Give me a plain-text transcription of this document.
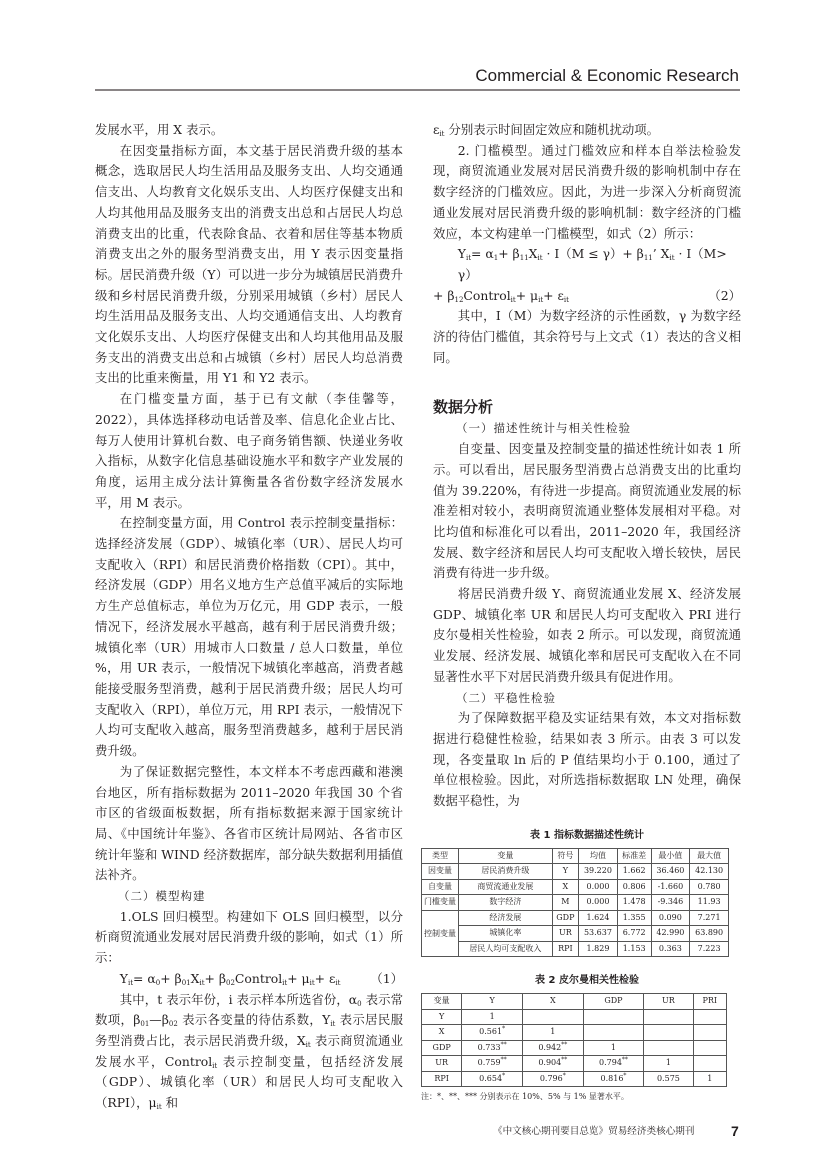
Commercial & Economic Research

发展水平，用 X 表示。

在因变量指标方面，本文基于居民消费升级的基本概念，选取居民人均生活用品及服务支出、人均交通通信支出、人均教育文化娱乐支出、人均医疗保健支出和人均其他用品及服务支出的消费支出总和占居民人均总消费支出的比重，代表除食品、衣着和居住等基本物质消费支出之外的服务型消费支出，用 Y 表示因变量指标。居民消费升级（Y）可以进一步分为城镇居民消费升级和乡村居民消费升级，分别采用城镇（乡村）居民人均生活用品及服务支出、人均交通通信支出、人均教育文化娱乐支出、人均医疗保健支出和人均其他用品及服务支出的消费支出总和占城镇（乡村）居民人均总消费支出的比重来衡量，用 Y1 和 Y2 表示。

在门槛变量方面，基于已有文献（李佳馨等，2022），具体选择移动电话普及率、信息化企业占比、每万人使用计算机台数、电子商务销售额、快递业务收入指标，从数字化信息基础设施水平和数字产业发展的角度，运用主成分法计算衡量各省份数字经济发展水平，用 M 表示。

在控制变量方面，用 Control 表示控制变量指标：选择经济发展（GDP）、城镇化率（UR）、居民人均可支配收入（RPI）和居民消费价格指数（CPI）。其中，经济发展（GDP）用名义地方生产总值平减后的实际地方生产总值标志，单位为万亿元，用 GDP 表示，一般情况下，经济发展水平越高，越有利于居民消费升级；城镇化率（UR）用城市人口数量 / 总人口数量，单位 %，用 UR 表示，一般情况下城镇化率越高，消费者越能接受服务型消费，越利于居民消费升级；居民人均可支配收入（RPI），单位万元，用 RPI 表示，一般情况下人均可支配收入越高，服务型消费越多，越利于居民消费升级。

为了保证数据完整性，本文样本不考虑西藏和港澳台地区，所有指标数据为 2011–2020 年我国 30 个省市区的省级面板数据，所有指标数据来源于国家统计局、《中国统计年鉴》、各省市区统计局网站、各省市区统计年鉴和 WIND 经济数据库，部分缺失数据利用插值法补齐。

（二）模型构建

1.OLS 回归模型。构建如下 OLS 回归模型，以分析商贸流通业发展对居民消费升级的影响，如式（1）所示：

$Y_{it}= \alpha_0+ \beta_{01}X_{it}+$ $\beta_{02}Control_{it}+ \mu_{it}+ \varepsilon_{it}$ （1）

其中，t 表示年份，i 表示样本所选省份，$\alpha_0$ 表示常数项，$\beta_{01}—\beta_{02}$ 表示各变量的待估系数，$Y_{it}$ 表示居民服务型消费占比，表示居民消费升级，$X_{it}$ 表示商贸流通业发展水平，Control$_{it}$ 表示控制变量，包括经济发展（GDP）、城镇化率（UR）和居民人均可支配收入（RPI），$\mu_{it}$ 和

$\varepsilon_{it}$ 分别表示时间固定效应和随机扰动项。

2. 门槛模型。通过门槛效应和样本自举法检验发现，商贸流通业发展对居民消费升级的影响机制中存在数字经济的门槛效应。因此，为进一步深入分析商贸流通业发展对居民消费升级的影响机制：数字经济的门槛效应，本文构建单一门槛模型，如式（2）所示：

$Y_{it}= \alpha_1+ \beta_{11}X_{it} \cdot I(M \le \gamma)+ \beta_{11}$’ $X_{it} \cdot I(M> \gamma)$
+ $\beta_{12}Control_{it}+ \mu_{it}+ \varepsilon_{it}$	（2）

其中，I（M）为数字经济的示性函数，γ 为数字经济的待估门槛值，其余符号与上文式（1）表达的含义相同。

数据分析
（一）描述性统计与相关性检验

自变量、因变量及控制变量的描述性统计如表 1 所示。可以看出，居民服务型消费占总消费支出的比重均值为 39.220%，有待进一步提高。商贸流通业发展的标准差相对较小，表明商贸流通业整体发展相对平稳。对比均值和标准化可以看出，2011–2020 年，我国经济发展、数字经济和居民人均可支配收入增长较快，居民消费有待进一步升级。

将居民消费升级 Y、商贸流通业发展 X、经济发展 GDP、城镇化率 UR 和居民人均可支配收入 PRI 进行皮尔曼相关性检验，如表 2 所示。可以发现，商贸流通业发展、经济发展、城镇化率和居民可支配收入在不同显著性水平下对居民消费升级具有促进作用。

（二）平稳性检验

为了保障数据平稳及实证结果有效，本文对指标数据进行稳健性检验，结果如表 3 所示。由表 3 可以发现，各变量取 ln 后的 P 值结果均小于 0.100，通过了单位根检验。因此，对所选指标数据取 LN 处理，确保数据平稳性，为

表 1 指标数据描述性统计
类型	变量	符号	均值	标准差	最小值	最大值
因变量	居民消费升级	Y	39.220	1.662	36.460	42.130
自变量	商贸流通业发展	X	0.000	0.806	-1.660	0.780
门槛变量	数字经济	M	0.000	1.478	-9.346	11.93
控制变量	经济发展	GDP	1.624	1.355	0.090	7.271
	城镇化率	UR	53.637	6.772	42.990	63.890
	居民人均可支配收入	RPI	1.829	1.153	0.363	7.223
表 2 皮尔曼相关性检验
变量	Y	X	GDP	UR	PRI
Y	1				
X	0.561*	1			
GDP	0.733**	0.942**	1		
UR	0.759**	0.904**	0.794**	1	
RPI	0.654*	0.796*	0.816*	0.575	1
注：*、**、*** 分别表示在 10%、5% 与 1% 显著水平。
《中文核心期刊要目总览》贸易经济类核心期刊	7
